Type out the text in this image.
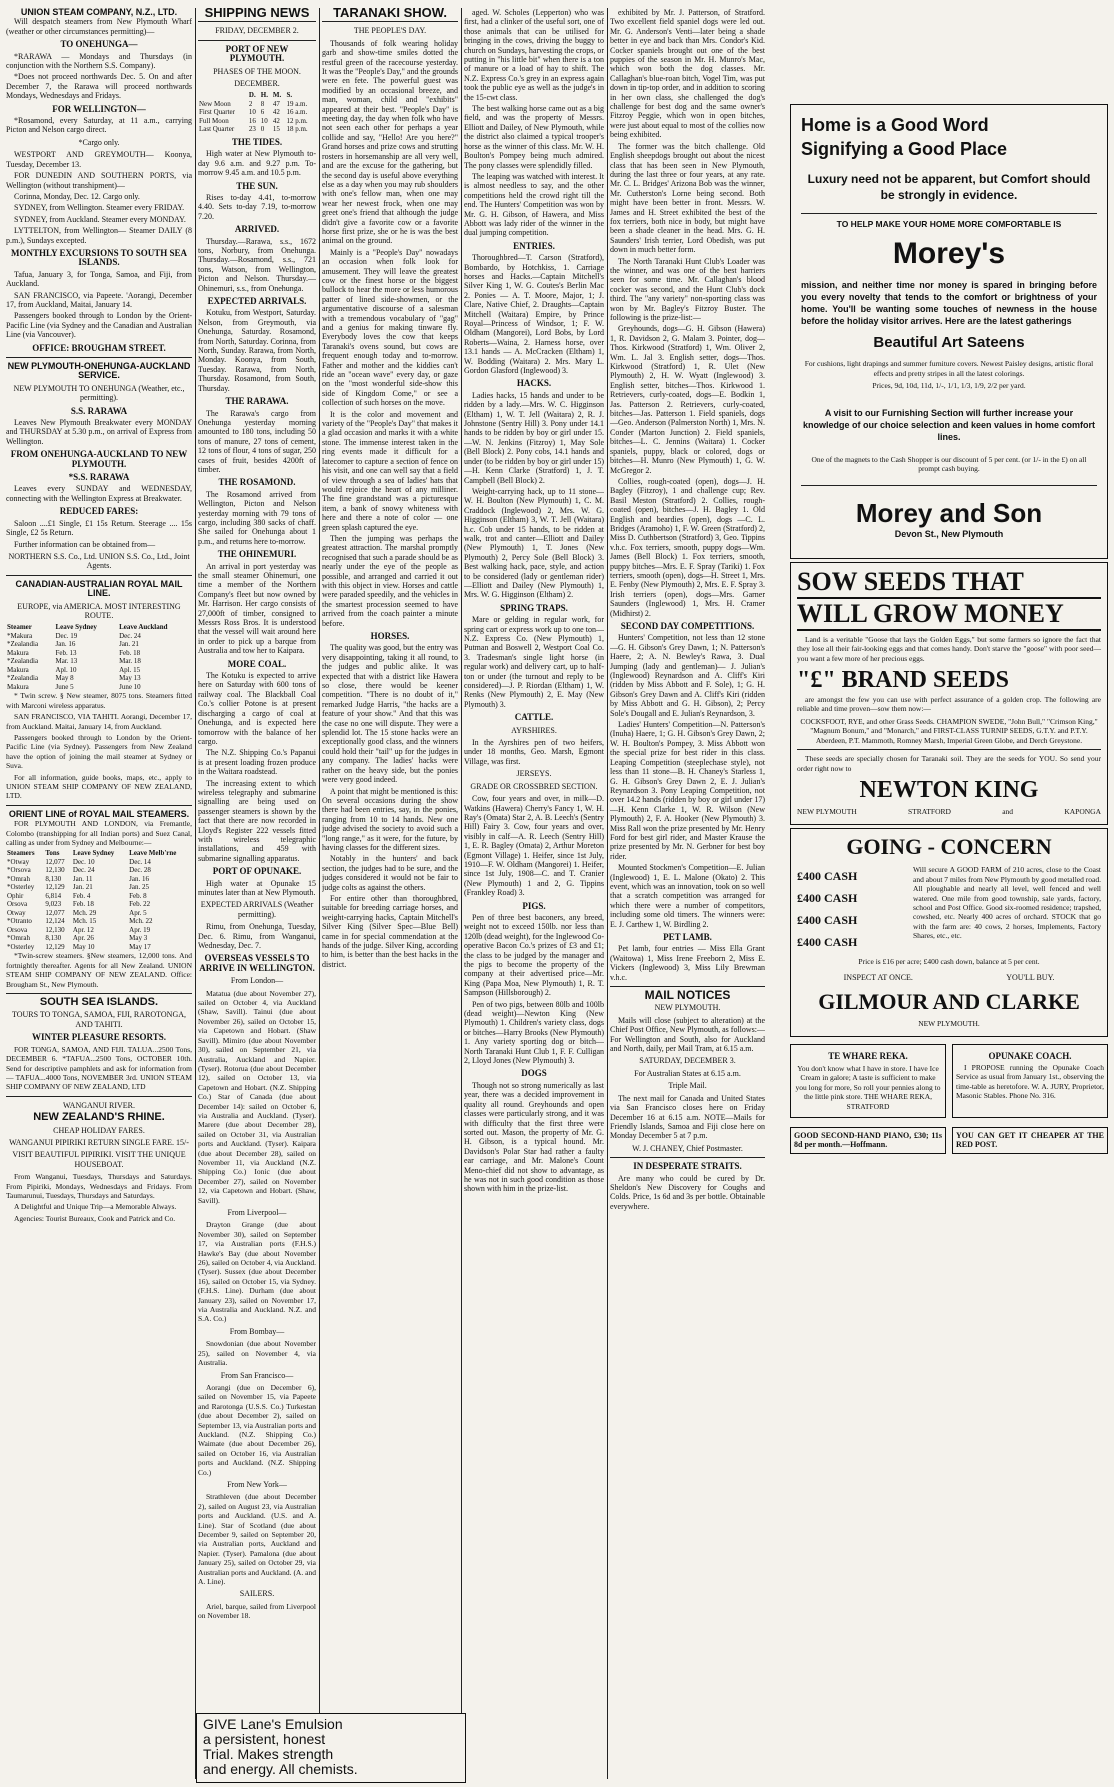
UNION STEAM COMPANY, N.Z., LTD.
Will despatch steamers from New Plymouth Wharf (weather or other circumstances permitting)—
TO ONEHUNGA—
*RARAWA — Mondays and Thursdays (in conjunction with the Northern S.S. Company).
*Does not proceed northwards Dec. 5. On and after December 7, the Rarawa will proceed northwards Mondays, Wednesdays and Fridays.
FOR WELLINGTON—
*Rosamond, every Saturday, at 11 a.m., carrying Picton and Nelson cargo direct.
*Cargo only.
WESTPORT AND GREYMOUTH— Koonya, Tuesday, December 13.
FOR DUNEDIN AND SOUTHERN PORTS, via Wellington (without transhipment)—
Corinna, Monday, Dec. 12. Cargo only.
SYDNEY, from Wellington. Steamer every FRIDAY.
SYDNEY, from Auckland. Steamer every MONDAY.
LYTTELTON, from Wellington— Steamer DAILY (8 p.m.), Sundays excepted.
MONTHLY EXCURSIONS TO SOUTH SEA ISLANDS.
Tafua, January 3, for Tonga, Samoa, and Fiji, from Auckland.
SAN FRANCISCO, via Papeete. 'Aorangi, December 17, from Auckland, Maitai, January 14.
Passengers booked through to London by the Orient-Pacific Line (via Sydney and the Canadian and Australian Line (via Vancouver).
OFFICE: BROUGHAM STREET.
NEW PLYMOUTH-ONEHUNGA-AUCKLAND SERVICE.
NEW PLYMOUTH TO ONEHUNGA (Weather, etc., permitting).
S.S. RARAWA
Leaves New Plymouth Breakwater every MONDAY and THURSDAY at 5.30 p.m., on arrival of Express from Wellington.
FROM ONEHUNGA-AUCKLAND TO NEW PLYMOUTH.
*S.S. RARAWA
Leaves every SUNDAY and WEDNESDAY, connecting with the Wellington Express at Breakwater.
REDUCED FARES:
Saloon ....£1 Single, £1 15s Return. Steerage .... 15s Single, £2 5s Return.
Further information can be obtained from—
NORTHERN S.S. Co., Ltd. UNION S.S. Co., Ltd., Joint Agents.
CANADIAN-AUSTRALIAN ROYAL MAIL LINE.
EUROPE, via AMERICA. MOST INTERESTING ROUTE.
Steamer	Leave Sydney	Leave Auckland
*Makura	Dec. 19	Dec. 24
*Zealandia	Jan. 16	Jan. 21
Makura	Feb. 13	Feb. 18
*Zealandia	Mar. 13	Mar. 18
Makura	Apl. 10	Apl. 15
*Zealandia	May 8	May 13
Makura	June 5	June 10
* Twin screw. § New steamer, 8075 tons. Steamers fitted with Marconi wireless apparatus.
SAN FRANCISCO, VIA TAHITI. Aorangi, December 17, from Auckland. Maitai, January 14, from Auckland.
Passengers booked through to London by the Orient-Pacific Line (via Sydney). Passengers from New Zealand have the option of joining the mail steamer at Sydney or Suva.
For all information, guide books, maps, etc., apply to UNION STEAM SHIP COMPANY OF NEW ZEALAND, LTD.
ORIENT LINE of ROYAL MAIL STEAMERS.
FOR PLYMOUTH AND LONDON, via Fremantle, Colombo (transhipping for all Indian ports) and Suez Canal, calling as under from Sydney and Melbourne:—
Steamers	Tons	Leave Sydney	Leave Melb'rne
*Otway	12,077	Dec. 10	Dec. 14
*Orsova	12,130	Dec. 24	Dec. 28
*Omrah	8,130	Jan. 11	Jan. 16
*Osterley	12,129	Jan. 21	Jan. 25
Ophir	6,814	Feb. 4	Feb. 8
Orsova	9,023	Feb. 18	Feb. 22
Otway	12,077	Mch. 29	Apr. 5
*Otranto	12,124	Mch. 15	Mch. 22
Orsova	12,130	Apr. 12	Apr. 19
*Omrah	8,130	Apr. 26	May 3
*Osterley	12,129	May 10	May 17
*Twin-screw steamers. §New steamers, 12,000 tons. And fortnightly thereafter. Agents for all New Zealand. UNION STEAM SHIP COMPANY OF NEW ZEALAND. Office: Brougham St., New Plymouth.
SOUTH SEA ISLANDS.
TOURS TO TONGA, SAMOA, FIJI, RAROTONGA, AND TAHITI.
WINTER PLEASURE RESORTS.
FOR TONGA, SAMOA, AND FIJI. TALUA...2500 Tons, DECEMBER 6. *TAFUA...2500 Tons, OCTOBER 10th. Send for descriptive pamphlets and ask for information from— TAFUA...4000 Tons, NOVEMBER 3rd. UNION STEAM SHIP COMPANY OF NEW ZEALAND, LTD
WANGANUI RIVER.
NEW ZEALAND'S RHINE.
CHEAP HOLIDAY FARES.
WANGANUI PIPIRIKI RETURN SINGLE FARE. 15/-
VISIT BEAUTIFUL PIPIRIKI. VISIT THE UNIQUE HOUSEBOAT.
From Wanganui, Tuesdays, Thursdays and Saturdays. From Pipiriki, Mondays, Wednesdays and Fridays. From Taumarunui, Tuesdays, Thursdays and Saturdays.
A Delightful and Unique Trip—a Memorable Always.
Agencies: Tourist Bureaux, Cook and Patrick and Co.
SHIPPING NEWS
FRIDAY, DECEMBER 2.
PORT OF NEW PLYMOUTH.
PHASES OF THE MOON.
DECEMBER.
	D.	H.	M.	S.
New Moon	2	8	47	19 a.m.
First Quarter	10	6	42	16 a.m.
Full Moon	16	10	42	12 p.m.
Last Quarter	23	0	15	18 p.m.
THE TIDES.
High water at New Plymouth to-day 9.6 a.m. and 9.27 p.m. To-morrow 9.45 a.m. and 10.5 p.m.
THE SUN.
Rises to-day 4.41, to-morrow 4.40. Sets to-day 7.19, to-morrow 7.20.
ARRIVED.
Thursday.—Rarawa, s.s., 1672 tons, Norbury, from Onehunga. Thursday.—Rosamond, s.s., 721 tons, Watson, from Wellington, Picton and Nelson. Thursday.—Ohinemuri, s.s., from Onehunga.
EXPECTED ARRIVALS.
Kotuku, from Westport, Saturday. Nelson, from Greymouth, via Onehunga, Saturday. Rosamond, from North, Saturday. Corinna, from North, Sunday. Rarawa, from North, Monday. Koonya, from South, Tuesday. Rarawa, from North, Thursday. Rosamond, from South, Thursday.
THE RARAWA.
The Rarawa's cargo from Onehunga yesterday morning amounted to 180 tons, including 50 tons of manure, 27 tons of cement, 12 tons of flour, 4 tons of sugar, 250 cases of fruit, besides 4200ft of timber.
THE ROSAMOND.
The Rosamond arrived from Wellington, Picton and Nelson yesterday morning with 79 tons of cargo, including 380 sacks of chaff. She sailed for Onehunga about 1 p.m., and returns here to-morrow.
THE OHINEMURI.
An arrival in port yesterday was the small steamer Ohinemuri, one time a member of the Northern Company's fleet but now owned by Mr. Harrison. Her cargo consists of 27,000ft of timber, consigned to Messrs Ross Bros. It is understood that the vessel will wait around here in order to pick up a barque from Australia and tow her to Kaipara.
MORE COAL.
The Kotuku is expected to arrive here on Saturday with 600 tons of railway coal. The Blackball Coal Co.'s collier Potone is at present discharging a cargo of coal at Onehunga, and is expected here tomorrow with the balance of her cargo.
The N.Z. Shipping Co.'s Papanui is at present loading frozen produce in the Waitara roadstead.
The increasing extent to which wireless telegraphy and submarine signalling are being used on passenger steamers is shown by the fact that there are now recorded in Lloyd's Register 222 vessels fitted with wireless telegraphic installations, and 459 with submarine signalling apparatus.
PORT OF OPUNAKE.
High water at Opunake 15 minutes later than at New Plymouth.
EXPECTED ARRIVALS (Weather permitting).
Rimu, from Onehunga, Tuesday, Dec. 6. Rimu, from Wanganui, Wednesday, Dec. 7.
OVERSEAS VESSELS TO ARRIVE IN WELLINGTON.
From London—
Matatua (due about November 27), sailed on October 4, via Auckland (Shaw, Savill). Tainui (due about November 26), sailed on October 15, via Capetown and Hobart. (Shaw Savill). Mimiro (due about November 30), sailed on September 21, via Australia, Auckland and Napier. (Tyser). Rotorua (due about December 12), sailed on October 13, via Capetown and Hobart. (N.Z. Shipping Co.) Star of Canada (due about December 14): sailed on October 6, via Australia and Auckland. (Tyser). Marere (due about December 28), sailed on October 31, via Australian ports and Auckland. (Tyser). Kaipara (due about December 28), sailed on November 11, via Auckland (N.Z. Shipping Co.) Ionic (due about December 27), sailed on November 12, via Capetown and Hobart. (Shaw, Savill).
From Liverpool—
Drayton Grange (due about November 30), sailed on September 17, via Australian ports (F.H.S.) Hawke's Bay (due about November 26), sailed on October 4, via Auckland. (Tyser). Sussex (due about December 16), sailed on October 15, via Sydney. (F.H.S. Line). Durham (due about January 23), sailed on November 17, via Australia and Auckland. N.Z. and S.A. Co.)
From Bombay—
Snowdonian (due about November 25), sailed on November 4, via Australia.
From San Francisco—
Aorangi (due on December 6), sailed on November 15, via Papeete and Rarotonga (U.S.S. Co.) Turkestan (due about December 2), sailed on September 13, via Australian ports and Auckland. (N.Z. Shipping Co.) Waimate (due about December 26), sailed on October 16, via Australian ports and Auckland. (N.Z. Shipping Co.)
From New York—
Strathleven (due about December 2), sailed on August 23, via Australian ports and Auckland. (U.S. and A. Line). Star of Scotland (due about December 9, sailed on September 20, via Australian ports, Auckland and Napier. (Tyser). Pamalona (due about January 25), sailed on October 29, via Australian ports and Auckland. (A. and A. Line).
SAILERS.
Ariel, barque, sailed from Liverpool on November 18.
TARANAKI SHOW.
THE PEOPLE'S DAY.
Thousands of folk wearing holiday garb and show-time smiles dotted the restful green of the racecourse yesterday. It was the "People's Day," and the grounds were en fete. The powerful guest was modified by an occasional breeze, and man, woman, child and "exhibits" appeared at their best. "People's Day" is meeting day, the day when folk who have not seen each other for perhaps a year collide and say, "Hello! Are you here?" Grand horses and prize cows and strutting rosters in horsemanship are all very well, and are the excuse for the gathering, but the second day is useful above everything else as a day when you may rub shoulders with one's fellow man, when one may wear her newest frock, when one may greet one's friend that although the judge didn't give a favorite cow or a favorite horse first prize, she or he is was the best animal on the ground.
Mainly is a "People's Day" nowadays an occasion when folk look for amusement. They will leave the greatest cow or the finest horse or the biggest bullock to hear the more or less humorous patter of lined side-showmen, or the argumentative discourse of a salesman with a tremendous vocabulary of "gag" and a genius for making tinware fly. Everybody loves the cow that keeps Taranaki's ovens sound, but cows are frequent enough today and to-morrow. Father and mother and the kiddies can't ride an "ocean wave" every day, or gaze on the "most wonderful side-show this side of Kingdom Come," or see a collection of such horses on the move.
It is the color and movement and variety of the "People's Day" that makes it a glad occasion and marks it with a white stone. The immense interest taken in the ring events made it difficult for a latecomer to capture a section of fence on his visit, and one can well say that a field of view through a sea of ladies' hats that would rejoice the heart of any milliner. The fine grandstand was a picturesque item, a bank of snowy whiteness with here and there a note of color — one green splash captured the eye.
Then the jumping was perhaps the greatest attraction. The marshal promptly recognised that such a parade should be as nearly under the eye of the people as possible, and arranged and carried it out with this object in view. Horses and cattle were paraded speedily, and the vehicles in the smartest procession seemed to have arrived from the coach painter a minute before.
HORSES.
The quality was good, but the entry was very disappointing, taking it all round, to the judges and public alike. It was expected that with a district like Hawera so close, there would be keener competition. "There is no doubt of it," remarked Judge Harris, "the hacks are a feature of your show." And that this was the case no one will dispute. They were a splendid lot. The 15 stone hacks were an exceptionally good class, and the winners could hold their "tail" up for the judges in any company. The ladies' hacks were rather on the heavy side, but the ponies were very good indeed.
A point that might be mentioned is this: On several occasions during the show there had been entries, say, in the ponies, ranging from 10 to 14 hands. New one judge advised the society to avoid such a "long range," as it were, for the future, by having classes for the different sizes.
Notably in the hunters' and back section, the judges had to be sure, and the judges considered it would not be fair to judge colts as against the others.
For entire other than thoroughbred, suitable for breeding carriage horses, and weight-carrying hacks, Captain Mitchell's Silver King (Silver Spec—Blue Bell) came in for special commendation at the hands of the judge. Silver King, according to him, is better than the best hacks in the district.
aged. W. Scholes (Lepperton) who was first, had a clinker of the useful sort, one of those animals that can be utilised for bringing in the cows, driving the buggy to church on Sundays, harvesting the crops, or putting in "his little bit" when there is a ton of manure or a load of hay to shift. The N.Z. Express Co.'s grey in an express again took the public eye as well as the judge's in the 15-cwt class.
The best walking horse came out as a big field, and was the property of Messrs. Elliott and Dailey, of New Plymouth, while the district also claimed a typical trooper's horse as the winner of this class. Mr. W. H. Boulton's Pompey being much admired. The pony classes were splendidly filled.
The leaping was watched with interest. It is almost needless to say, and the other competitions held the crowd right till the end. The Hunters' Competition was won by Mr. G. H. Gibson, of Hawera, and Miss Abbott was lady rider of the winner in the dual jumping competition.
ENTRIES.
Thoroughbred—T. Carson (Stratford), Bombardo, by Hotchkiss, 1. Carriage horses and Hacks.—Captain Mitchell's Silver King 1, W. G. Coutes's Berlin Mac 2. Ponies — A. T. Moore, Major, 1; J. Clare, Native Chief, 2. Draughts—Captain Mitchell (Waitara) Empire, by Prince Royal—Princess of Windsor, 1; F. W. Oldham (Mangorei), Lord Bobs, by Lord Roberts—Waina, 2. Harness horse, over 13.1 hands — A. McCracken (Eltham) 1, W. Bodding (Waitara) 2. Mrs. Mary L. Gordon Glasford (Inglewood) 3.
HACKS.
Ladies hacks, 15 hands and under to be ridden by a lady.—Mrs. W. C. Higginson (Eltham) 1, W. T. Jell (Waitara) 2, R. J. Johnstone (Sentry Hill) 3. Pony under 14.1 hands to be ridden by boy or girl under 15.—W. N. Jenkins (Fitzroy) 1, May Sole (Bell Block) 2. Pony cobs, 14.1 hands and under (to be ridden by boy or girl under 15)—H. Kenn Clarke (Stratford) 1, J. T. Campbell (Bell Block) 2.
Weight-carrying hack, up to 11 stone—W. H. Boulton (New Plymouth) 1, C. M. Craddock (Inglewood) 2, Mrs. W. G. Higginson (Eltham) 3, W. T. Jell (Waitara) h.c. Cob under 15 hands, to be ridden at walk, trot and canter—Elliott and Dailey (New Plymouth) 1, T. Jones (New Plymouth) 2, Percy Sole (Bell Block) 3. Best walking hack, pace, style, and action to be considered (lady or gentleman rider)—Elliott and Dailey (New Plymouth) 1, Mrs. W. G. Higginson (Eltham) 2.
SPRING TRAPS.
Mare or gelding in regular work, for spring cart or express work up to one ton—N.Z. Express Co. (New Plymouth) 1, Putman and Boswell 2, Westport Coal Co. 3. Tradesman's single light horse (in regular work) and delivery cart, up to half-ton or under (the turnout and reply to be considered)—J. P. Riordan (Eltham) 1, W. Renks (New Plymouth) 2, E. May (New Plymouth) 3.
CATTLE.
AYRSHIRES.
In the Ayrshires pen of two heifers, under 18 months, Geo. Marsh, Egmont Village, was first.
JERSEYS.
GRADE OR CROSSBRED SECTION.
Cow, four years and over, in milk—D. Watkins (Hawera) Cherry's Fancy 1, W. H. Ray's (Omata) Star 2, A. B. Leech's (Sentry Hill) Fairy 3. Cow, four years and over, visibly in calf—A. R. Leech (Sentry Hill) 1, E. R. Bagley (Omata) 2, Arthur Moreton (Egmont Village) 1. Heifer, since 1st July, 1910—F. W. Oldham (Mangorei) 1. Heifer, since 1st July, 1908—C. and T. Cranier (New Plymouth) 1 and 2, G. Tippins (Frankley Road) 3.
PIGS.
Pen of three best baconers, any breed, weight not to exceed 150lb. nor less than 120lb (dead weight), for the Inglewood Co-operative Bacon Co.'s prizes of £3 and £1; the class to be judged by the manager and the pigs to become the property of the company at their advertised price—Mr. King (Papa Moa, New Plymouth) 1, R. T. Sampson (Hillsborough) 2.
Pen of two pigs, between 80lb and 100lb (dead weight)—Newton King (New Plymouth) 1. Children's variety class, dogs or bitches—Harry Brooks (New Plymouth) 1. Any variety sporting dog or bitch—North Taranaki Hunt Club 1, F. F. Culligan 2, Lloyd Jones (New Plymouth) 3.
DOGS
Though not so strong numerically as last year, there was a decided improvement in quality all round. Greyhounds and open classes were particularly strong, and it was with difficulty that the first three were sorted out. Mason, the property of Mr. G. H. Gibson, is a typical hound. Mr. Davidson's Polar Star had rather a faulty ear carriage, and Mr. Malone's Count Meno-chief did not show to advantage, as he was not in such good condition as those shown with him in the prize-list.
exhibited by Mr. J. Patterson, of Stratford. Two excellent field spaniel dogs were led out. Mr. G. Anderson's Venti—later being a shade better in eye and back than Mrs. Condor's Kid. Cocker spaniels brought out one of the best puppies of the season in Mr. H. Munro's Mac, which won both the dog classes. Mr. Callaghan's blue-roan bitch, Vogel Tim, was put down in tip-top order, and in addition to scoring in her own class, she challenged the dog's challenge for best dog and the same owner's Fitzroy Peggie, which won in open bitches, were just about equal to most of the collies now being exhibited.
The former was the bitch challenge. Old English sheepdogs brought out about the nicest class that has been seen in New Plymouth, during the last three or four years, at any rate. Mr. C. L. Bridges' Arizona Bob was the winner, Mr. Cutherston's Lorne being second. Both might have been better in front. Messrs. W. James and H. Street exhibited the best of the fox terriers, both nice in body, but might have been a shade cleaner in the head. Mrs. G. H. Saunders' Irish terrier, Lord Obedish, was put down in much better form.
The North Taranaki Hunt Club's Loader was the winner, and was one of the best harriers seen for some time. Mr. Callaghan's blood cocker was second, and the Hunt Club's dock third. The "any variety" non-sporting class was won by Mr. Bagley's Fitzroy Buster. The following is the prize-list:—
Greyhounds, dogs—G. H. Gibson (Hawera) 1, R. Davidson 2, G. Malam 3. Pointer, dog—Thos. Kirkwood (Stratford) 1, Wm. Oliver 2, Wm. L. Jal 3. English setter, dogs—Thos. Kirkwood (Stratford) 1, R. Ulet (New Plymouth) 2, H. W. Wyatt (Inglewood) 3. English setter, bitches—Thos. Kirkwood 1. Retrievers, curly-coated, dogs—E. Bodkin 1, Jas. Patterson 2. Retrievers, curly-coated, bitches—Jas. Patterson 1. Field spaniels, dogs—Geo. Anderson (Palmerston North) 1, Mrs. N. Conder (Marton Junction) 2. Field spaniels, bitches—L. C. Jennins (Waitara) 1. Cocker spaniels, puppy, black or colored, dogs or bitches—H. Munro (New Plymouth) 1, G. W. McGregor 2.
Collies, rough-coated (open), dogs—J. H. Bagley (Fitzroy), 1 and challenge cup; Rev. Basil Meston (Stratford) 2. Collies, rough-coated (open), bitches—J. H. Bagley 1. Old English and beardies (open), dogs —C. L. Bridges (Aramoho) 1, F. W. Green (Stratford) 2, Miss D. Cuthbertson (Stratford) 3, Geo. Tippins v.h.c. Fox terriers, smooth, puppy dogs—Wm. James (Bell Block) 1. Fox terriers, smooth, puppy bitches—Mrs. E. F. Spray (Tariki) 1. Fox terriers, smooth (open), dogs—H. Street 1, Mrs. E. Fenby (New Plymouth) 2, Mrs. E. F. Spray 3. Irish terriers (open), dogs—Mrs. Garner Saunders (Inglewood) 1, Mrs. H. Cramer (Midhirst) 2.
SECOND DAY COMPETITIONS.
Hunters' Competition, not less than 12 stone—G. H. Gibson's Grey Dawn, 1; N. Patterson's Haere, 2; A. N. Bewley's Rawa, 3. Dual Jumping (lady and gentleman)— J. Julian's (Inglewood) Reynardson and A. Cliff's Kiri (ridden by Miss Abbott and F. Sole), 1; G. H. Gibson's Grey Dawn and A. Cliff's Kiri (ridden by Miss Abbott and G. H. Gibson), 2; Percy Sole's Dougall and E. Julian's Reynardson, 3.
Ladies' Hunters' Competition—N. Patterson's (Inuha) Haere, 1; G. H. Gibson's Grey Dawn, 2; W. H. Boulton's Pompey, 3. Miss Abbott won the special prize for best rider in this class. Leaping Competition (steeplechase style), not less than 11 stone—B. H. Chaney's Starless 1, G. H. Gibson's Grey Dawn 2, E. J. Julian's Reynardson 3. Pony Leaping Competition, not over 14.2 hands (ridden by boy or girl under 17)—H. Kenn Clarke 1, W. R. Wilson (New Plymouth) 2, F. A. Hooker (New Plymouth) 3. Miss Rall won the prize presented by Mr. Henry Ford for best girl rider, and Master Krause the prize presented by Mr. N. Gerbner for best boy rider.
Mounted Stockmen's Competition—E. Julian (Inglewood) 1, E. L. Malone (Okato) 2. This event, which was an innovation, took on so well that a scratch competition was arranged for which there were a number of competitors, including some old timers. The winners were: E. J. Carthew 1, W. Birdling 2.
PET LAMB.
Pet lamb, four entries — Miss Ella Grant (Waitowa) 1, Miss Irene Freeborn 2, Miss E. Vickers (Inglewood) 3, Miss Lily Brewman v.h.c.
MAIL NOTICES
NEW PLYMOUTH.
Mails will close (subject to alteration) at the Chief Post Office, New Plymouth, as follows:— For Wellington and South, also for Auckland and North, daily, per Mail Tram, at 6.15 a.m.
SATURDAY, DECEMBER 3.
For Australian States at 6.15 a.m.
Triple Mail.
The next mail for Canada and United States via San Francisco closes here on Friday December 16 at 6.15 a.m. NOTE—Mails for Friendly Islands, Samoa and Fiji close here on Monday December 5 at 7 p.m.
W. J. CHANEY, Chief Postmaster.
IN DESPERATE STRAITS.
Are many who could be cured by Dr. Sheldon's New Discovery for Coughs and Colds. Price, 1s 6d and 3s per bottle. Obtainable everywhere.
Home is a Good Word
Signifying a Good Place
Luxury need not be apparent, but Comfort should be strongly in evidence.
TO HELP MAKE YOUR HOME MORE COMFORTABLE IS
Morey's
mission, and neither time nor money is spared in bringing before you every novelty that tends to the comfort or brightness of your home. You'll be wanting some touches of newness in the house before the holiday visitor arrives. Here are the latest gatherings
Beautiful Art Sateens
For cushions, light drapings and summer furniture covers. Newest Paisley designs, artistic floral effects and pretty stripes in all the latest colorings.
Prices, 9d, 10d, 11d, 1/-, 1/1, 1/3, 1/9, 2/2 per yard.
A visit to our Furnishing Section will further increase your knowledge of our choice selection and keen values in home comfort lines.
One of the magnets to the Cash Shopper is our discount of 5 per cent. (or 1/- in the £) on all prompt cash buying.
Morey and Son
Devon St., New Plymouth
SOW SEEDS THAT
WILL GROW MONEY
Land is a veritable "Goose that lays the Golden Eggs," but some farmers so ignore the fact that they lose all their fair-looking eggs and that comes handy. Don't starve the "goose" with poor seed—you want a few more of her precious eggs.
"£" BRAND SEEDS
are amongst the few you can use with perfect assurance of a golden crop. The following are reliable and time proven—sow them now:—
COCKSFOOT, RYE, and other Grass Seeds. CHAMPION SWEDE, "John Bull," "Crimson King," "Magnum Bonum," and "Monarch," and FIRST-CLASS TURNIP SEEDS, G.T.Y. and P.T.Y. Aberdeen, P.T. Mammoth, Romney Marsh, Imperial Green Globe, and Derch Greystone.
These seeds are specially chosen for Taranaki soil. They are the seeds for YOU. So send your order right now to
NEWTON KING
NEW PLYMOUTH	STRATFORD	and	KAPONGA
GOING - CONCERN
£400 CASH
£400 CASH
£400 CASH
£400 CASH
Will secure A GOOD FARM of 210 acres, close to the Coast and about 7 miles from New Plymouth by good metalled road. All ploughable and nearly all level, well fenced and well watered. One mile from good township, sale yards, factory, school and Post Office. Good six-roomed residence; trapshed, cowshed, etc. Nearly 400 acres of orchard. STOCK that go with the farm are: 40 cows, 2 horses, Implements, Factory Shares, etc., etc.
Price is £16 per acre; £400 cash down, balance at 5 per cent.
INSPECT AT ONCE.	YOU'LL BUY.
GILMOUR AND CLARKE
NEW PLYMOUTH.
TE WHARE REKA.
You don't know what I have in store. I have Ice Cream in galore; A taste is sufficient to make you long for more, So roll your pennies along to the little pink store. THE WHARE REKA, STRATFORD
OPUNAKE COACH.
I PROPOSE running the Opunake Coach Service as usual from January 1st., observing the time-table as heretofore. W. A. JURY, Proprietor, Masonic Stables. Phone No. 316.
GOOD SECOND-HAND PIANO, £30; 11s 8d per month.—Hoffmann.
YOU CAN GET IT CHEAPER AT THE RED POST.
GIVE Lane's Emulsion
a persistent, honest
Trial. Makes strength
and energy. All chemists.
